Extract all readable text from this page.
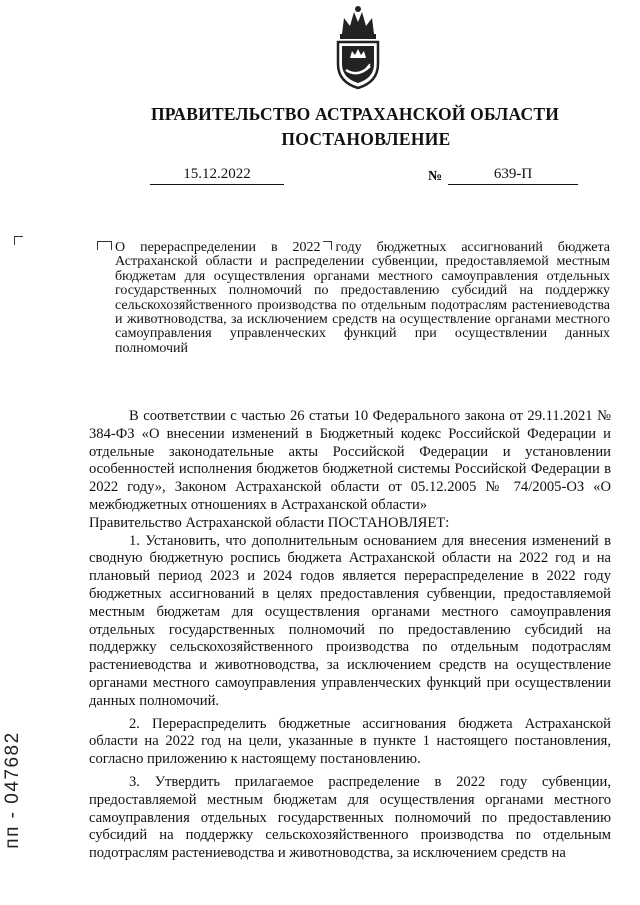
ПРАВИТЕЛЬСТВО АСТРАХАНСКОЙ ОБЛАСТИ
ПОСТАНОВЛЕНИЕ
15.12.2022	№	639-П
О перераспределении в 2022 году бюджетных ассигнований бюджета Астраханской области и распределении субвенции, предоставляемой местным бюджетам для осуществления органами местного самоуправления отдельных государственных полномочий по предоставлению субсидий на поддержку сельскохозяйственного производства по отдельным подотраслям растениеводства и животноводства, за исключением средств на осуществление органами местного самоуправления управленческих функций при осуществлении данных полномочий

В соответствии с частью 26 статьи 10 Федерального закона от 29.11.2021 № 384-ФЗ «О внесении изменений в Бюджетный кодекс Российской Федерации и отдельные законодательные акты Российской Федерации и установлении особенностей исполнения бюджетов бюджетной системы Российской Федерации в 2022 году», Законом Астраханской области от 05.12.2005 № 74/2005-ОЗ «О межбюджетных отношениях в Астраханской области»

Правительство Астраханской области ПОСТАНОВЛЯЕТ:

1. Установить, что дополнительным основанием для внесения изменений в сводную бюджетную роспись бюджета Астраханской области на 2022 год и на плановый период 2023 и 2024 годов является перераспределение в 2022 году бюджетных ассигнований в целях предоставления субвенции, предоставляемой местным бюджетам для осуществления органами местного самоуправления отдельных государственных полномочий по предоставлению субсидий на поддержку сельскохозяйственного производства по отдельным подотраслям растениеводства и животноводства, за исключением средств на осуществление органами местного самоуправления управленческих функций при осуществлении данных полномочий.

2. Перераспределить бюджетные ассигнования бюджета Астраханской области на 2022 год на цели, указанные в пункте 1 настоящего постановления, согласно приложению к настоящему постановлению.

3. Утвердить прилагаемое распределение в 2022 году субвенции, предоставляемой местным бюджетам для осуществления органами местного самоуправления отдельных государственных полномочий по предоставлению субсидий на поддержку сельскохозяйственного производства по отдельным подотраслям растениеводства и животноводства, за исключением средств на

пп - 047682
